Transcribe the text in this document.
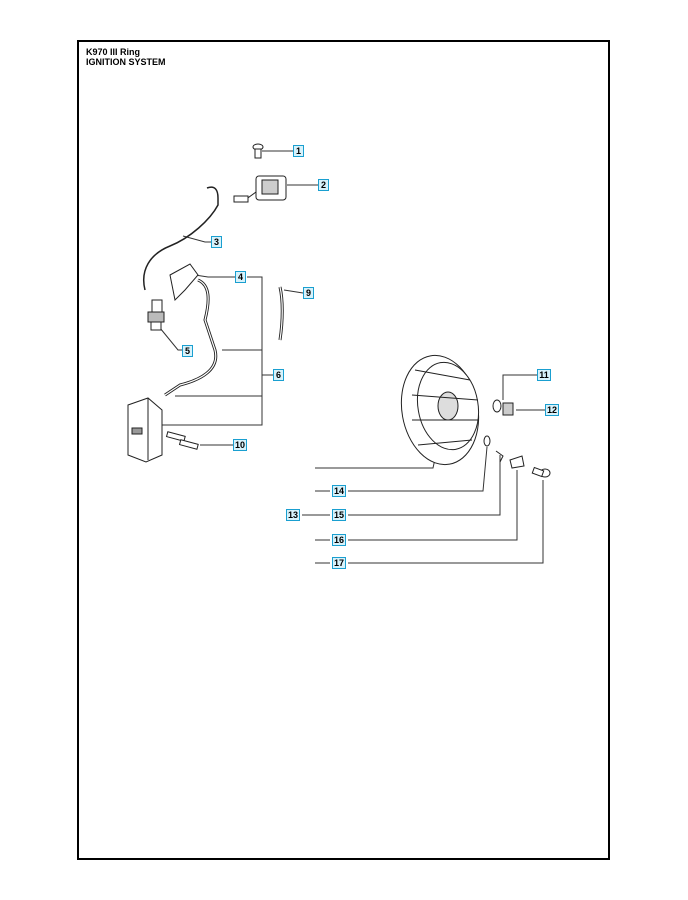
K970 III Ring
IGNITION SYSTEM
1
2
3
4
5
6
9
10
11
12
13
14
15
16
17
